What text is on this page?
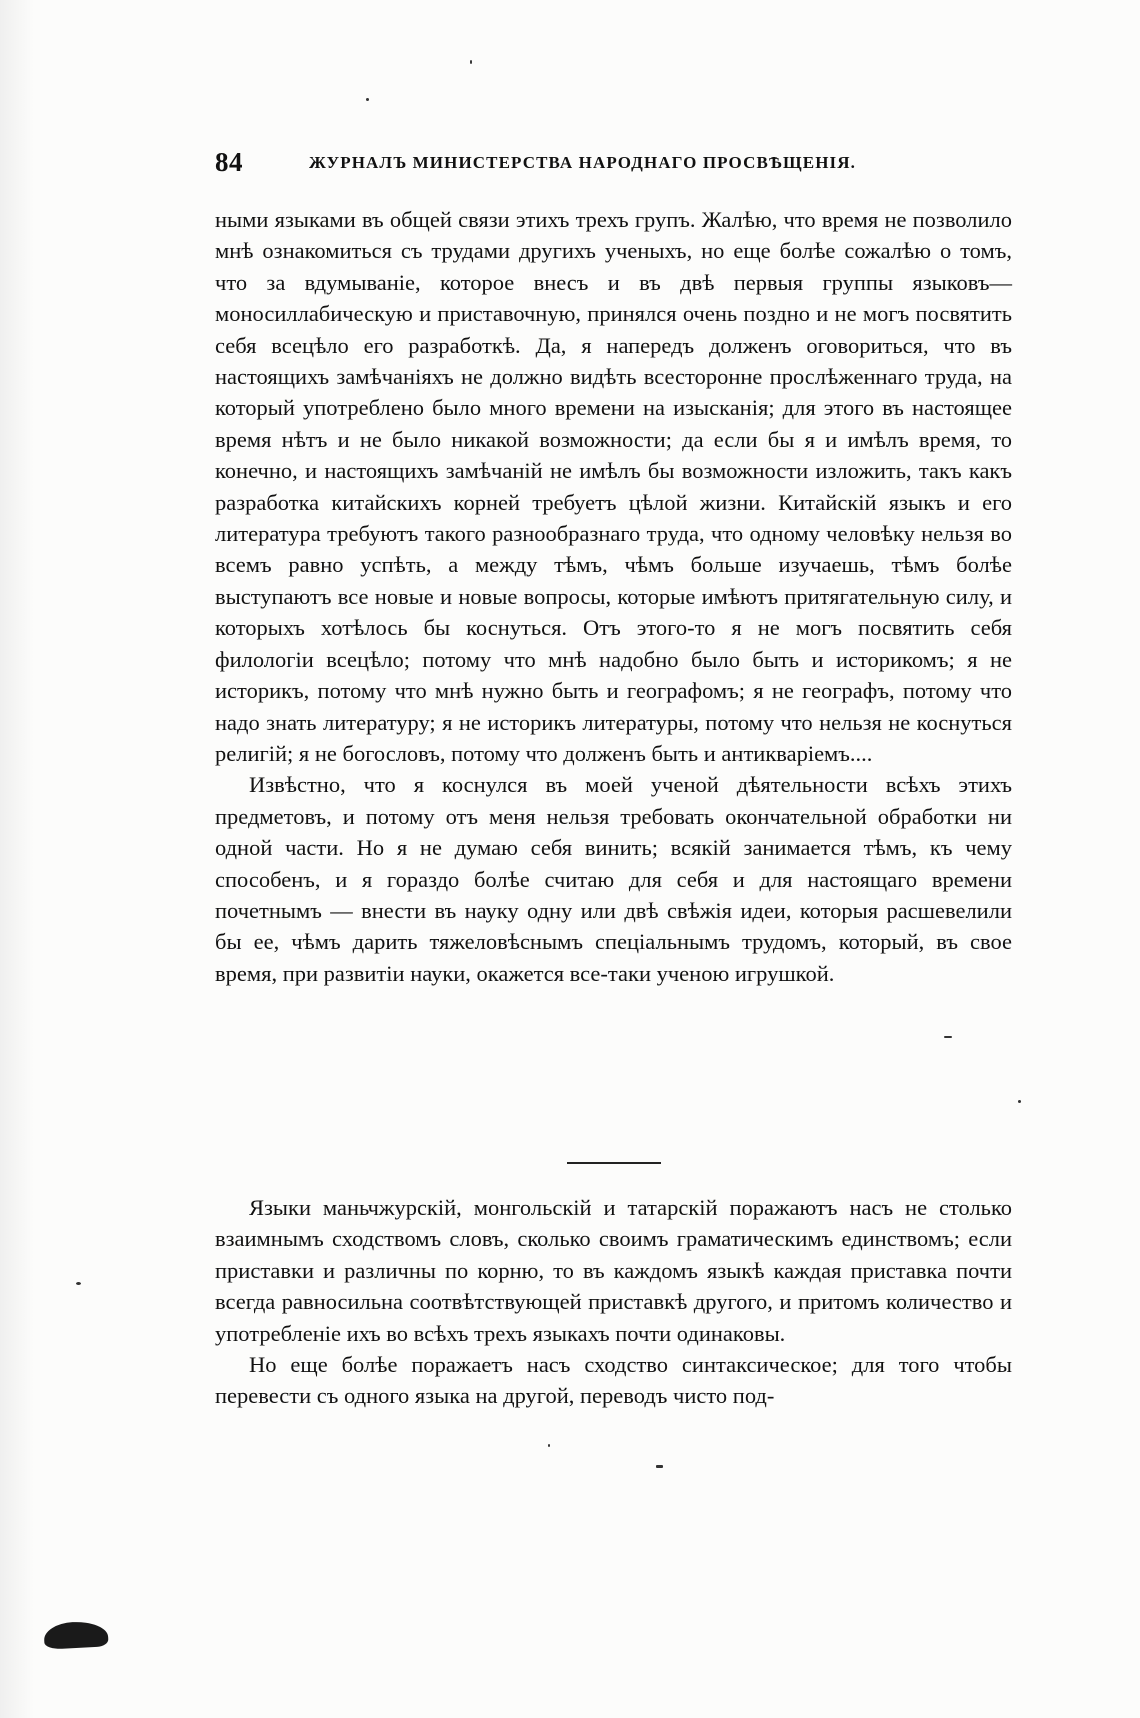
84	ЖУРНАЛЪ МИНИСТЕРСТВА НАРОДНАГО ПРОСВѢЩЕНІЯ.

ными языками въ общей связи этихъ трехъ групъ. Жалѣю, что время не позволило мнѣ ознакомиться съ трудами другихъ ученыхъ, но еще болѣе сожалѣю о томъ, что за вдумываніе, которое внесъ и въ двѣ первыя группы языковъ—моносиллабическую и приставочную, принялся очень поздно и не могъ посвятить себя всецѣло его разработкѣ. Да, я напередъ долженъ оговориться, что въ настоящихъ замѣчаніяхъ не должно видѣть всесторонне прослѣженнаго труда, на который употреблено было много времени на изысканія; для этого въ настоящее время нѣтъ и не было никакой возможности; да если бы я и имѣлъ время, то конечно, и настоящихъ замѣчаній не имѣлъ бы возможности изложить, такъ какъ разработка китайскихъ корней требуетъ цѣлой жизни. Китайскій языкъ и его литература требуютъ такого разнообразнаго труда, что одному человѣку нельзя во всемъ равно успѣть, а между тѣмъ, чѣмъ больше изучаешь, тѣмъ болѣе выступаютъ все новые и новые вопросы, которые имѣютъ притягательную силу, и которыхъ хотѣлось бы коснуться. Отъ этого-то я не могъ посвятить себя филологіи всецѣло; потому что мнѣ надобно было быть и историкомъ; я не историкъ, потому что мнѣ нужно быть и географомъ; я не географъ, потому что надо знать литературу; я не историкъ литературы, потому что нельзя не коснуться религій; я не богословъ, потому что долженъ быть и антикваріемъ....

Извѣстно, что я коснулся въ моей ученой дѣятельности всѣхъ этихъ предметовъ, и потому отъ меня нельзя требовать окончательной обработки ни одной части. Но я не думаю себя винить; всякій занимается тѣмъ, къ чему способенъ, и я гораздо болѣе считаю для себя и для настоящаго времени почетнымъ — внести въ науку одну или двѣ свѣжія идеи, которыя расшевелили бы ее, чѣмъ дарить тяжеловѣснымъ спеціальнымъ трудомъ, который, въ свое время, при развитіи науки, окажется все-таки ученою игрушкой.

Языки маньчжурскій, монгольскій и татарскій поражаютъ насъ не столько взаимнымъ сходствомъ словъ, сколько своимъ граматическимъ единствомъ; если приставки и различны по корню, то въ каждомъ языкѣ каждая приставка почти всегда равносильна соотвѣтствующей приставкѣ другого, и притомъ количество и употребленіе ихъ во всѣхъ трехъ языкахъ почти одинаковы.

Но еще болѣе поражаетъ насъ сходство синтаксическое; для того чтобы перевести съ одного языка на другой, переводъ чисто под-
